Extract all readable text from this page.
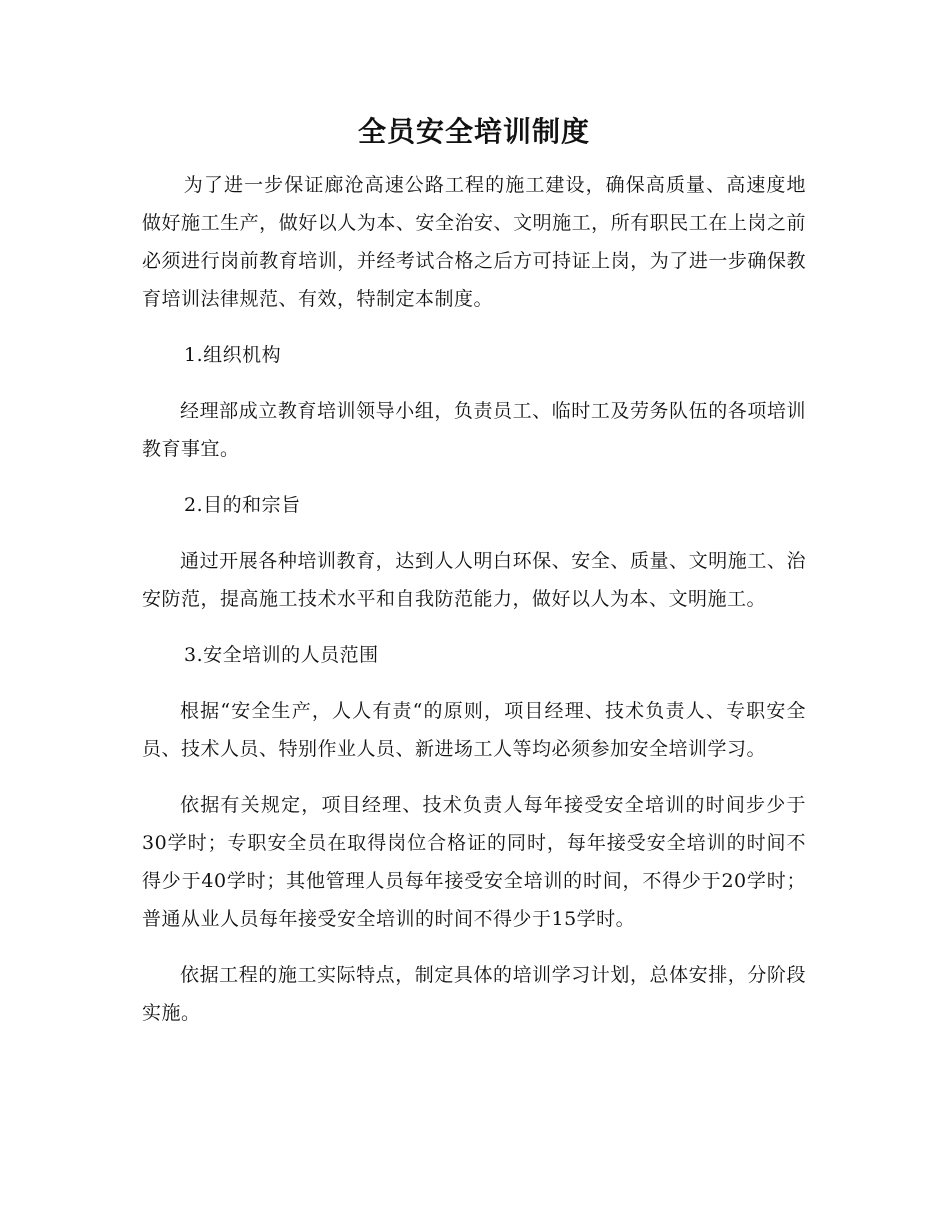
全员安全培训制度

为了进一步保证廊沧高速公路工程的施工建设，确保高质量、高速度地做好施工生产，做好以人为本、安全治安、文明施工，所有职民工在上岗之前必须进行岗前教育培训，并经考试合格之后方可持证上岗，为了进一步确保教育培训法律规范、有效，特制定本制度。

1.组织机构

经理部成立教育培训领导小组，负责员工、临时工及劳务队伍的各项培训教育事宜。

2.目的和宗旨

通过开展各种培训教育，达到人人明白环保、安全、质量、文明施工、治安防范，提高施工技术水平和自我防范能力，做好以人为本、文明施工。

3.安全培训的人员范围

根据“安全生产，人人有责“的原则，项目经理、技术负责人、专职安全员、技术人员、特别作业人员、新进场工人等均必须参加安全培训学习。

依据有关规定，项目经理、技术负责人每年接受安全培训的时间步少于30学时；专职安全员在取得岗位合格证的同时，每年接受安全培训的时间不得少于40学时；其他管理人员每年接受安全培训的时间，不得少于20学时；普通从业人员每年接受安全培训的时间不得少于15学时。

依据工程的施工实际特点，制定具体的培训学习计划，总体安排，分阶段实施。
